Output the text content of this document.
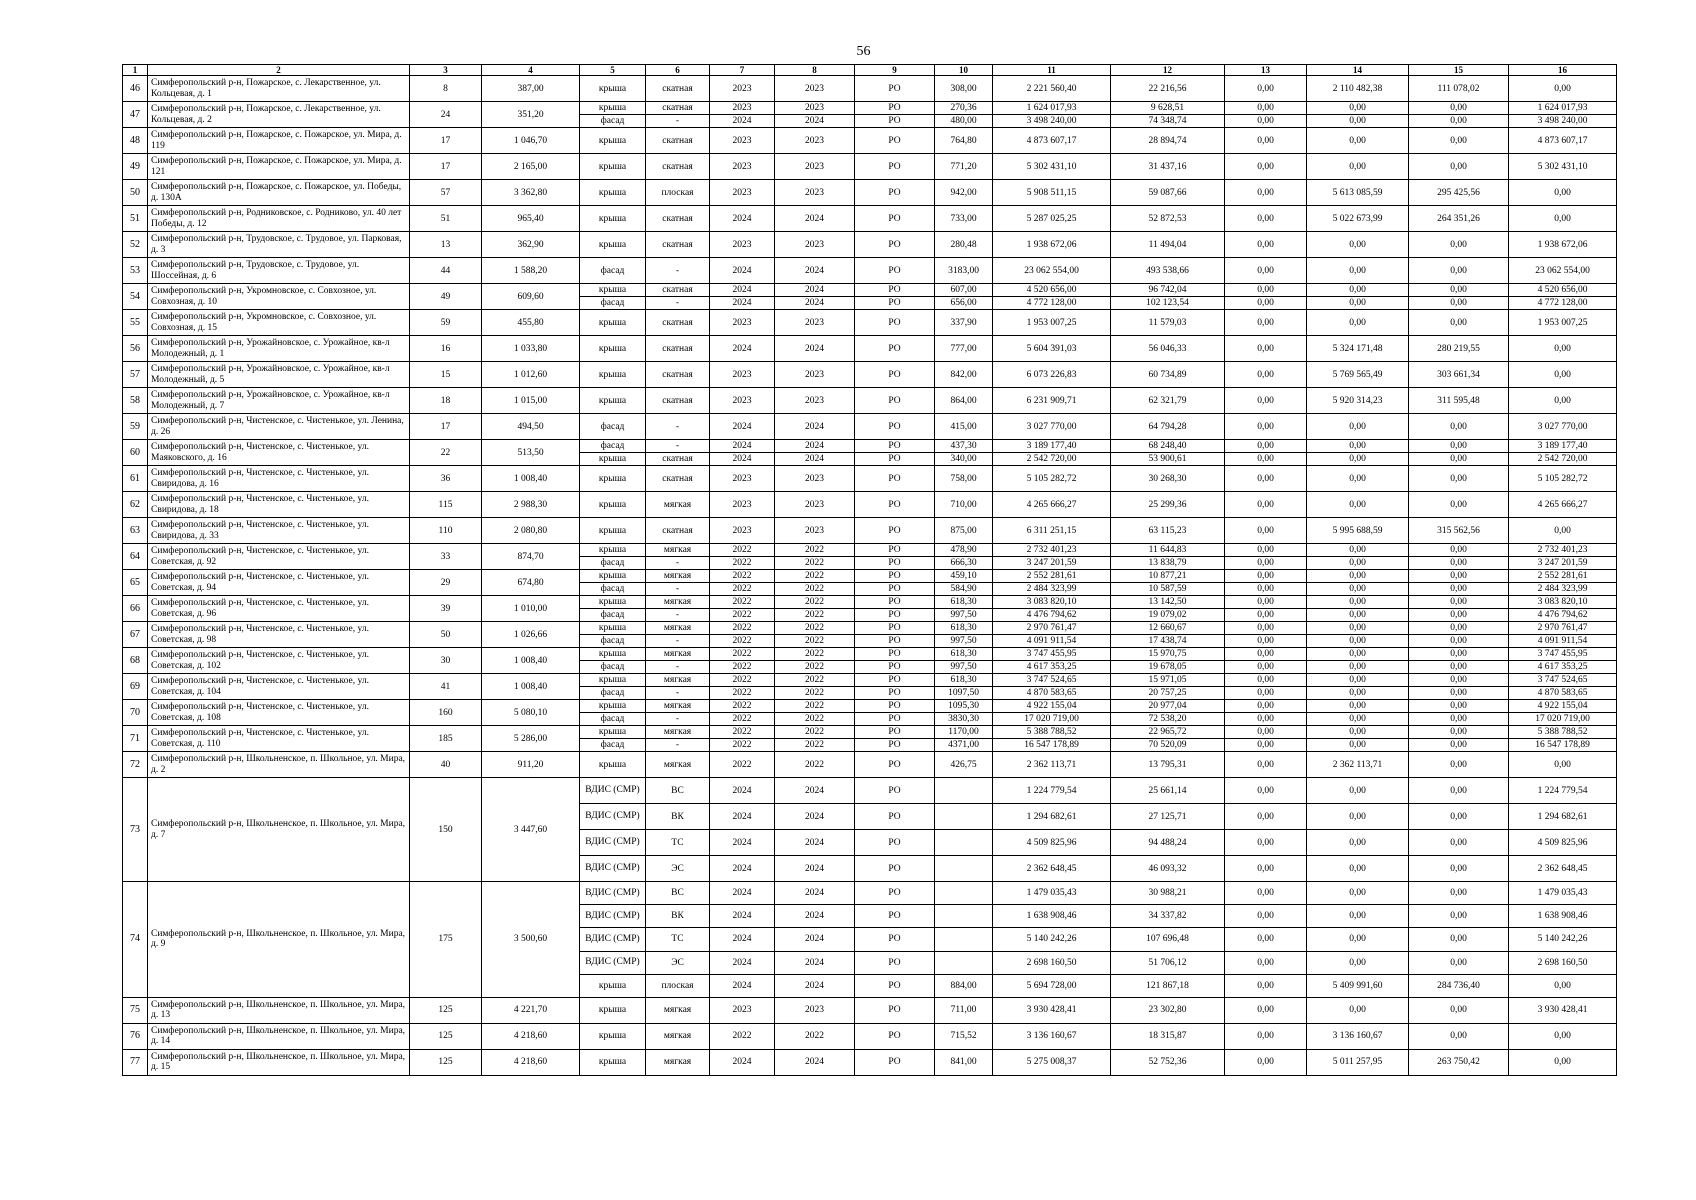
56
1	2	3	4	5	6	7	8	9	10	11	12	13	14	15	16
46	Симферопольский р-н, Пожарское, с. Лекарственное, ул. Кольцевая, д. 1	8	387,00	крыша	скатная	2023	2023	РО	308,00	2 221 560,40	22 216,56	0,00	2 110 482,38	111 078,02	0,00
47	Симферопольский р-н, Пожарское, с. Лекарственное, ул. Кольцевая, д. 2	24	351,20	крыша	скатная	2023	2023	РО	270,36	1 624 017,93	9 628,51	0,00	0,00	0,00	1 624 017,93
				фасад	-	2024	2024	РО	480,00	3 498 240,00	74 348,74	0,00	0,00	0,00	3 498 240,00
48	Симферопольский р-н, Пожарское, с. Пожарское, ул. Мира, д. 119	17	1 046,70	крыша	скатная	2023	2023	РО	764,80	4 873 607,17	28 894,74	0,00	0,00	0,00	4 873 607,17
49	Симферопольский р-н, Пожарское, с. Пожарское, ул. Мира, д. 121	17	2 165,00	крыша	скатная	2023	2023	РО	771,20	5 302 431,10	31 437,16	0,00	0,00	0,00	5 302 431,10
50	Симферопольский р-н, Пожарское, с. Пожарское, ул. Победы, д. 130А	57	3 362,80	крыша	плоская	2023	2023	РО	942,00	5 908 511,15	59 087,66	0,00	5 613 085,59	295 425,56	0,00
51	Симферопольский р-н, Родниковское, с. Родниково, ул. 40 лет Победы, д. 12	51	965,40	крыша	скатная	2024	2024	РО	733,00	5 287 025,25	52 872,53	0,00	5 022 673,99	264 351,26	0,00
52	Симферопольский р-н, Трудовское, с. Трудовое, ул. Парковая, д. 3	13	362,90	крыша	скатная	2023	2023	РО	280,48	1 938 672,06	11 494,04	0,00	0,00	0,00	1 938 672,06
53	Симферопольский р-н, Трудовское, с. Трудовое, ул. Шоссейная, д. 6	44	1 588,20	фасад	-	2024	2024	РО	3183,00	23 062 554,00	493 538,66	0,00	0,00	0,00	23 062 554,00
54	Симферопольский р-н, Укромновское, с. Совхозное, ул. Совхозная, д. 10	49	609,60	крыша	скатная	2024	2024	РО	607,00	4 520 656,00	96 742,04	0,00	0,00	0,00	4 520 656,00
				фасад	-	2024	2024	РО	656,00	4 772 128,00	102 123,54	0,00	0,00	0,00	4 772 128,00
55	Симферопольский р-н, Укромновское, с. Совхозное, ул. Совхозная, д. 15	59	455,80	крыша	скатная	2023	2023	РО	337,90	1 953 007,25	11 579,03	0,00	0,00	0,00	1 953 007,25
56	Симферопольский р-н, Урожайновское, с. Урожайное, кв-л Молодежный, д. 1	16	1 033,80	крыша	скатная	2024	2024	РО	777,00	5 604 391,03	56 046,33	0,00	5 324 171,48	280 219,55	0,00
57	Симферопольский р-н, Урожайновское, с. Урожайное, кв-л Молодежный, д. 5	15	1 012,60	крыша	скатная	2023	2023	РО	842,00	6 073 226,83	60 734,89	0,00	5 769 565,49	303 661,34	0,00
58	Симферопольский р-н, Урожайновское, с. Урожайное, кв-л Молодежный, д. 7	18	1 015,00	крыша	скатная	2023	2023	РО	864,00	6 231 909,71	62 321,79	0,00	5 920 314,23	311 595,48	0,00
59	Симферопольский р-н, Чистенское, с. Чистенькое, ул. Ленина, д. 26	17	494,50	фасад	-	2024	2024	РО	415,00	3 027 770,00	64 794,28	0,00	0,00	0,00	3 027 770,00
60	Симферопольский р-н, Чистенское, с. Чистенькое, ул. Маяковского, д. 16	22	513,50	фасад	-	2024	2024	РО	437,30	3 189 177,40	68 248,40	0,00	0,00	0,00	3 189 177,40
				крыша	скатная	2024	2024	РО	340,00	2 542 720,00	53 900,61	0,00	0,00	0,00	2 542 720,00
61	Симферопольский р-н, Чистенское, с. Чистенькое, ул. Свиридова, д. 16	36	1 008,40	крыша	скатная	2023	2023	РО	758,00	5 105 282,72	30 268,30	0,00	0,00	0,00	5 105 282,72
62	Симферопольский р-н, Чистенское, с. Чистенькое, ул. Свиридова, д. 18	115	2 988,30	крыша	мягкая	2023	2023	РО	710,00	4 265 666,27	25 299,36	0,00	0,00	0,00	4 265 666,27
63	Симферопольский р-н, Чистенское, с. Чистенькое, ул. Свиридова, д. 33	110	2 080,80	крыша	скатная	2023	2023	РО	875,00	6 311 251,15	63 115,23	0,00	5 995 688,59	315 562,56	0,00
64	Симферопольский р-н, Чистенское, с. Чистенькое, ул. Советская, д. 92	33	874,70	крыша	мягкая	2022	2022	РО	478,90	2 732 401,23	11 644,83	0,00	0,00	0,00	2 732 401,23
				фасад	-	2022	2022	РО	666,30	3 247 201,59	13 838,79	0,00	0,00	0,00	3 247 201,59
65	Симферопольский р-н, Чистенское, с. Чистенькое, ул. Советская, д. 94	29	674,80	крыша	мягкая	2022	2022	РО	459,10	2 552 281,61	10 877,21	0,00	0,00	0,00	2 552 281,61
				фасад	-	2022	2022	РО	584,90	2 484 323,99	10 587,59	0,00	0,00	0,00	2 484 323,99
66	Симферопольский р-н, Чистенское, с. Чистенькое, ул. Советская, д. 96	39	1 010,00	крыша	мягкая	2022	2022	РО	618,30	3 083 820,10	13 142,50	0,00	0,00	0,00	3 083 820,10
				фасад	-	2022	2022	РО	997,50	4 476 794,62	19 079,02	0,00	0,00	0,00	4 476 794,62
67	Симферопольский р-н, Чистенское, с. Чистенькое, ул. Советская, д. 98	50	1 026,66	крыша	мягкая	2022	2022	РО	618,30	2 970 761,47	12 660,67	0,00	0,00	0,00	2 970 761,47
				фасад	-	2022	2022	РО	997,50	4 091 911,54	17 438,74	0,00	0,00	0,00	4 091 911,54
68	Симферопольский р-н, Чистенское, с. Чистенькое, ул. Советская, д. 102	30	1 008,40	крыша	мягкая	2022	2022	РО	618,30	3 747 455,95	15 970,75	0,00	0,00	0,00	3 747 455,95
				фасад	-	2022	2022	РО	997,50	4 617 353,25	19 678,05	0,00	0,00	0,00	4 617 353,25
69	Симферопольский р-н, Чистенское, с. Чистенькое, ул. Советская, д. 104	41	1 008,40	крыша	мягкая	2022	2022	РО	618,30	3 747 524,65	15 971,05	0,00	0,00	0,00	3 747 524,65
				фасад	-	2022	2022	РО	1097,50	4 870 583,65	20 757,25	0,00	0,00	0,00	4 870 583,65
70	Симферопольский р-н, Чистенское, с. Чистенькое, ул. Советская, д. 108	160	5 080,10	крыша	мягкая	2022	2022	РО	1095,30	4 922 155,04	20 977,04	0,00	0,00	0,00	4 922 155,04
				фасад	-	2022	2022	РО	3830,30	17 020 719,00	72 538,20	0,00	0,00	0,00	17 020 719,00
71	Симферопольский р-н, Чистенское, с. Чистенькое, ул. Советская, д. 110	185	5 286,00	крыша	мягкая	2022	2022	РО	1170,00	5 388 788,52	22 965,72	0,00	0,00	0,00	5 388 788,52
				фасад	-	2022	2022	РО	4371,00	16 547 178,89	70 520,09	0,00	0,00	0,00	16 547 178,89
72	Симферопольский р-н, Школьненское, п. Школьное, ул. Мира, д. 2	40	911,20	крыша	мягкая	2022	2022	РО	426,75	2 362 113,71	13 795,31	0,00	2 362 113,71	0,00	0,00
73	Симферопольский р-н, Школьненское, п. Школьное, ул. Мира, д. 7	150	3 447,60	ВДИС (СМР)	ВС	2024	2024	РО		1 224 779,54	25 661,14	0,00	0,00	0,00	1 224 779,54
				ВДИС (СМР)	ВК	2024	2024	РО		1 294 682,61	27 125,71	0,00	0,00	0,00	1 294 682,61
				ВДИС (СМР)	ТС	2024	2024	РО		4 509 825,96	94 488,24	0,00	0,00	0,00	4 509 825,96
				ВДИС (СМР)	ЭС	2024	2024	РО		2 362 648,45	46 093,32	0,00	0,00	0,00	2 362 648,45
74	Симферопольский р-н, Школьненское, п. Школьное, ул. Мира, д. 9	175	3 500,60	ВДИС (СМР)	ВС	2024	2024	РО		1 479 035,43	30 988,21	0,00	0,00	0,00	1 479 035,43
				ВДИС (СМР)	ВК	2024	2024	РО		1 638 908,46	34 337,82	0,00	0,00	0,00	1 638 908,46
				ВДИС (СМР)	ТС	2024	2024	РО		5 140 242,26	107 696,48	0,00	0,00	0,00	5 140 242,26
				ВДИС (СМР)	ЭС	2024	2024	РО		2 698 160,50	51 706,12	0,00	0,00	0,00	2 698 160,50
				крыша	плоская	2024	2024	РО	884,00	5 694 728,00	121 867,18	0,00	5 409 991,60	284 736,40	0,00
75	Симферопольский р-н, Школьненское, п. Школьное, ул. Мира, д. 13	125	4 221,70	крыша	мягкая	2023	2023	РО	711,00	3 930 428,41	23 302,80	0,00	0,00	0,00	3 930 428,41
76	Симферопольский р-н, Школьненское, п. Школьное, ул. Мира, д. 14	125	4 218,60	крыша	мягкая	2022	2022	РО	715,52	3 136 160,67	18 315,87	0,00	3 136 160,67	0,00	0,00
77	Симферопольский р-н, Школьненское, п. Школьное, ул. Мира, д. 15	125	4 218,60	крыша	мягкая	2024	2024	РО	841,00	5 275 008,37	52 752,36	0,00	5 011 257,95	263 750,42	0,00
